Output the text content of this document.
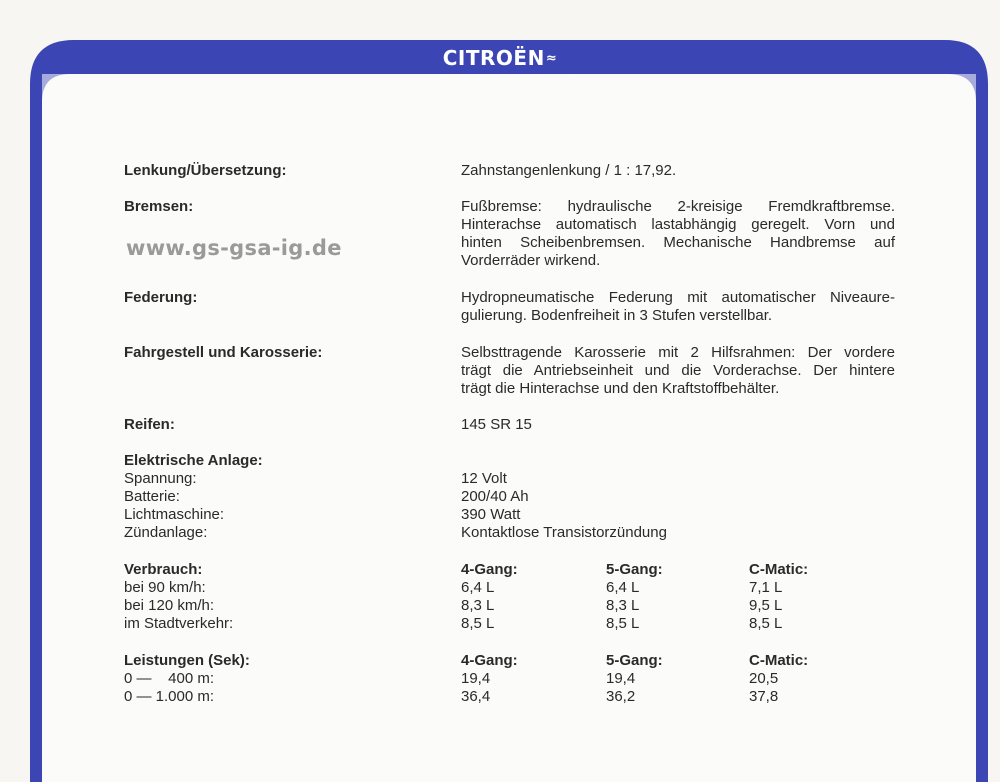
CITROËN≈
www.gs-gsa-ig.de
Lenkung/Übersetzung:	Zahnstangenlenkung / 1 : 17,92.
Bremsen:	Fußbremse: hydraulische 2-kreisige Fremdkraftbremse.
Hinterachse automatisch lastabhängig geregelt. Vorn und
hinten Scheibenbremsen. Mechanische Handbremse auf
Vorderräder wirkend.
Federung:	Hydropneumatische Federung mit automatischer Niveaure-
gulierung. Bodenfreiheit in 3 Stufen verstellbar.
Fahrgestell und Karosserie:	Selbsttragende Karosserie mit 2 Hilfsrahmen: Der vordere
trägt die Antriebseinheit und die Vorderachse. Der hintere
trägt die Hinterachse und den Kraftstoffbehälter.
Reifen:	145 SR 15
Elektrische Anlage:
Spannung:	12 Volt
Batterie:	200/40 Ah
Lichtmaschine:	390 Watt
Zündanlage:	Kontaktlose Transistorzündung
Verbrauch:	4-Gang:	5-Gang:	C-Matic:
bei 90 km/h:	6,4 L	6,4 L	7,1 L
bei 120 km/h:	8,3 L	8,3 L	9,5 L
im Stadtverkehr:	8,5 L	8,5 L	8,5 L
Leistungen (Sek):	4-Gang:	5-Gang:	C-Matic:
0 —    400 m:	19,4	19,4	20,5
0 — 1.000 m:	36,4	36,2	37,8
